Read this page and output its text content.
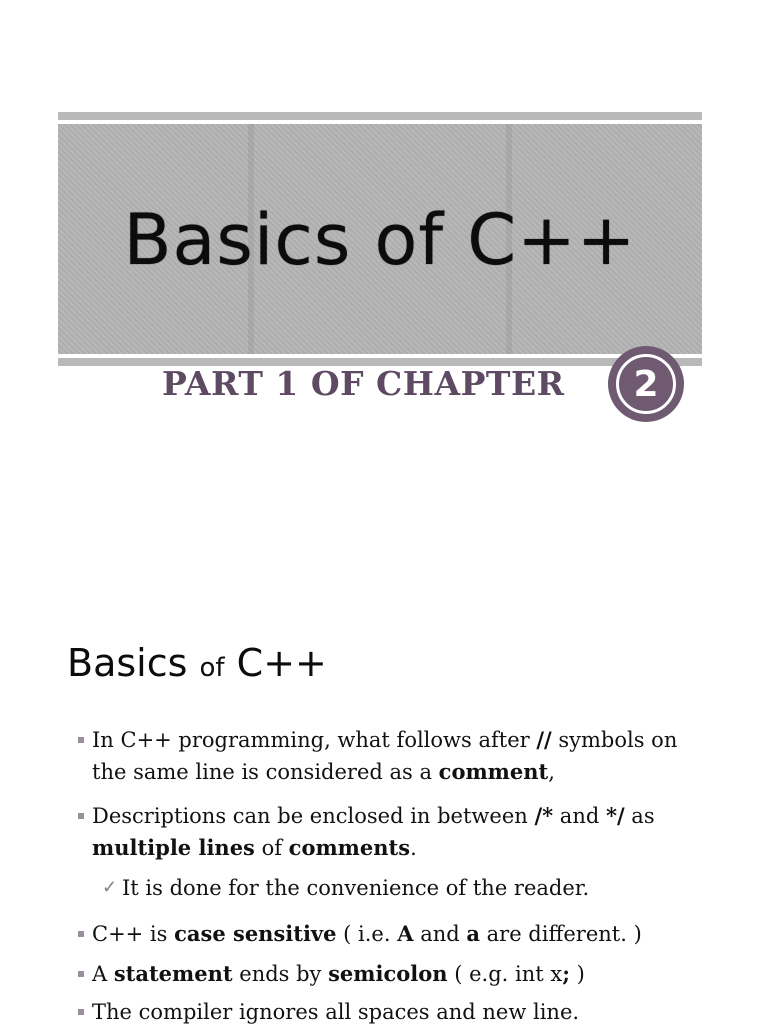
Basics of C++
PART 1 OF CHAPTER	2
Basics of C++
In C++ programming, what follows after // symbols on the same line is considered as a comment,
Descriptions can be enclosed in between /* and */ as multiple lines of comments.
✓ It is done for the convenience of the reader.
C++ is case sensitive ( i.e. A and a are different. )
A statement ends by semicolon ( e.g. int x; )
The compiler ignores all spaces and new line.
